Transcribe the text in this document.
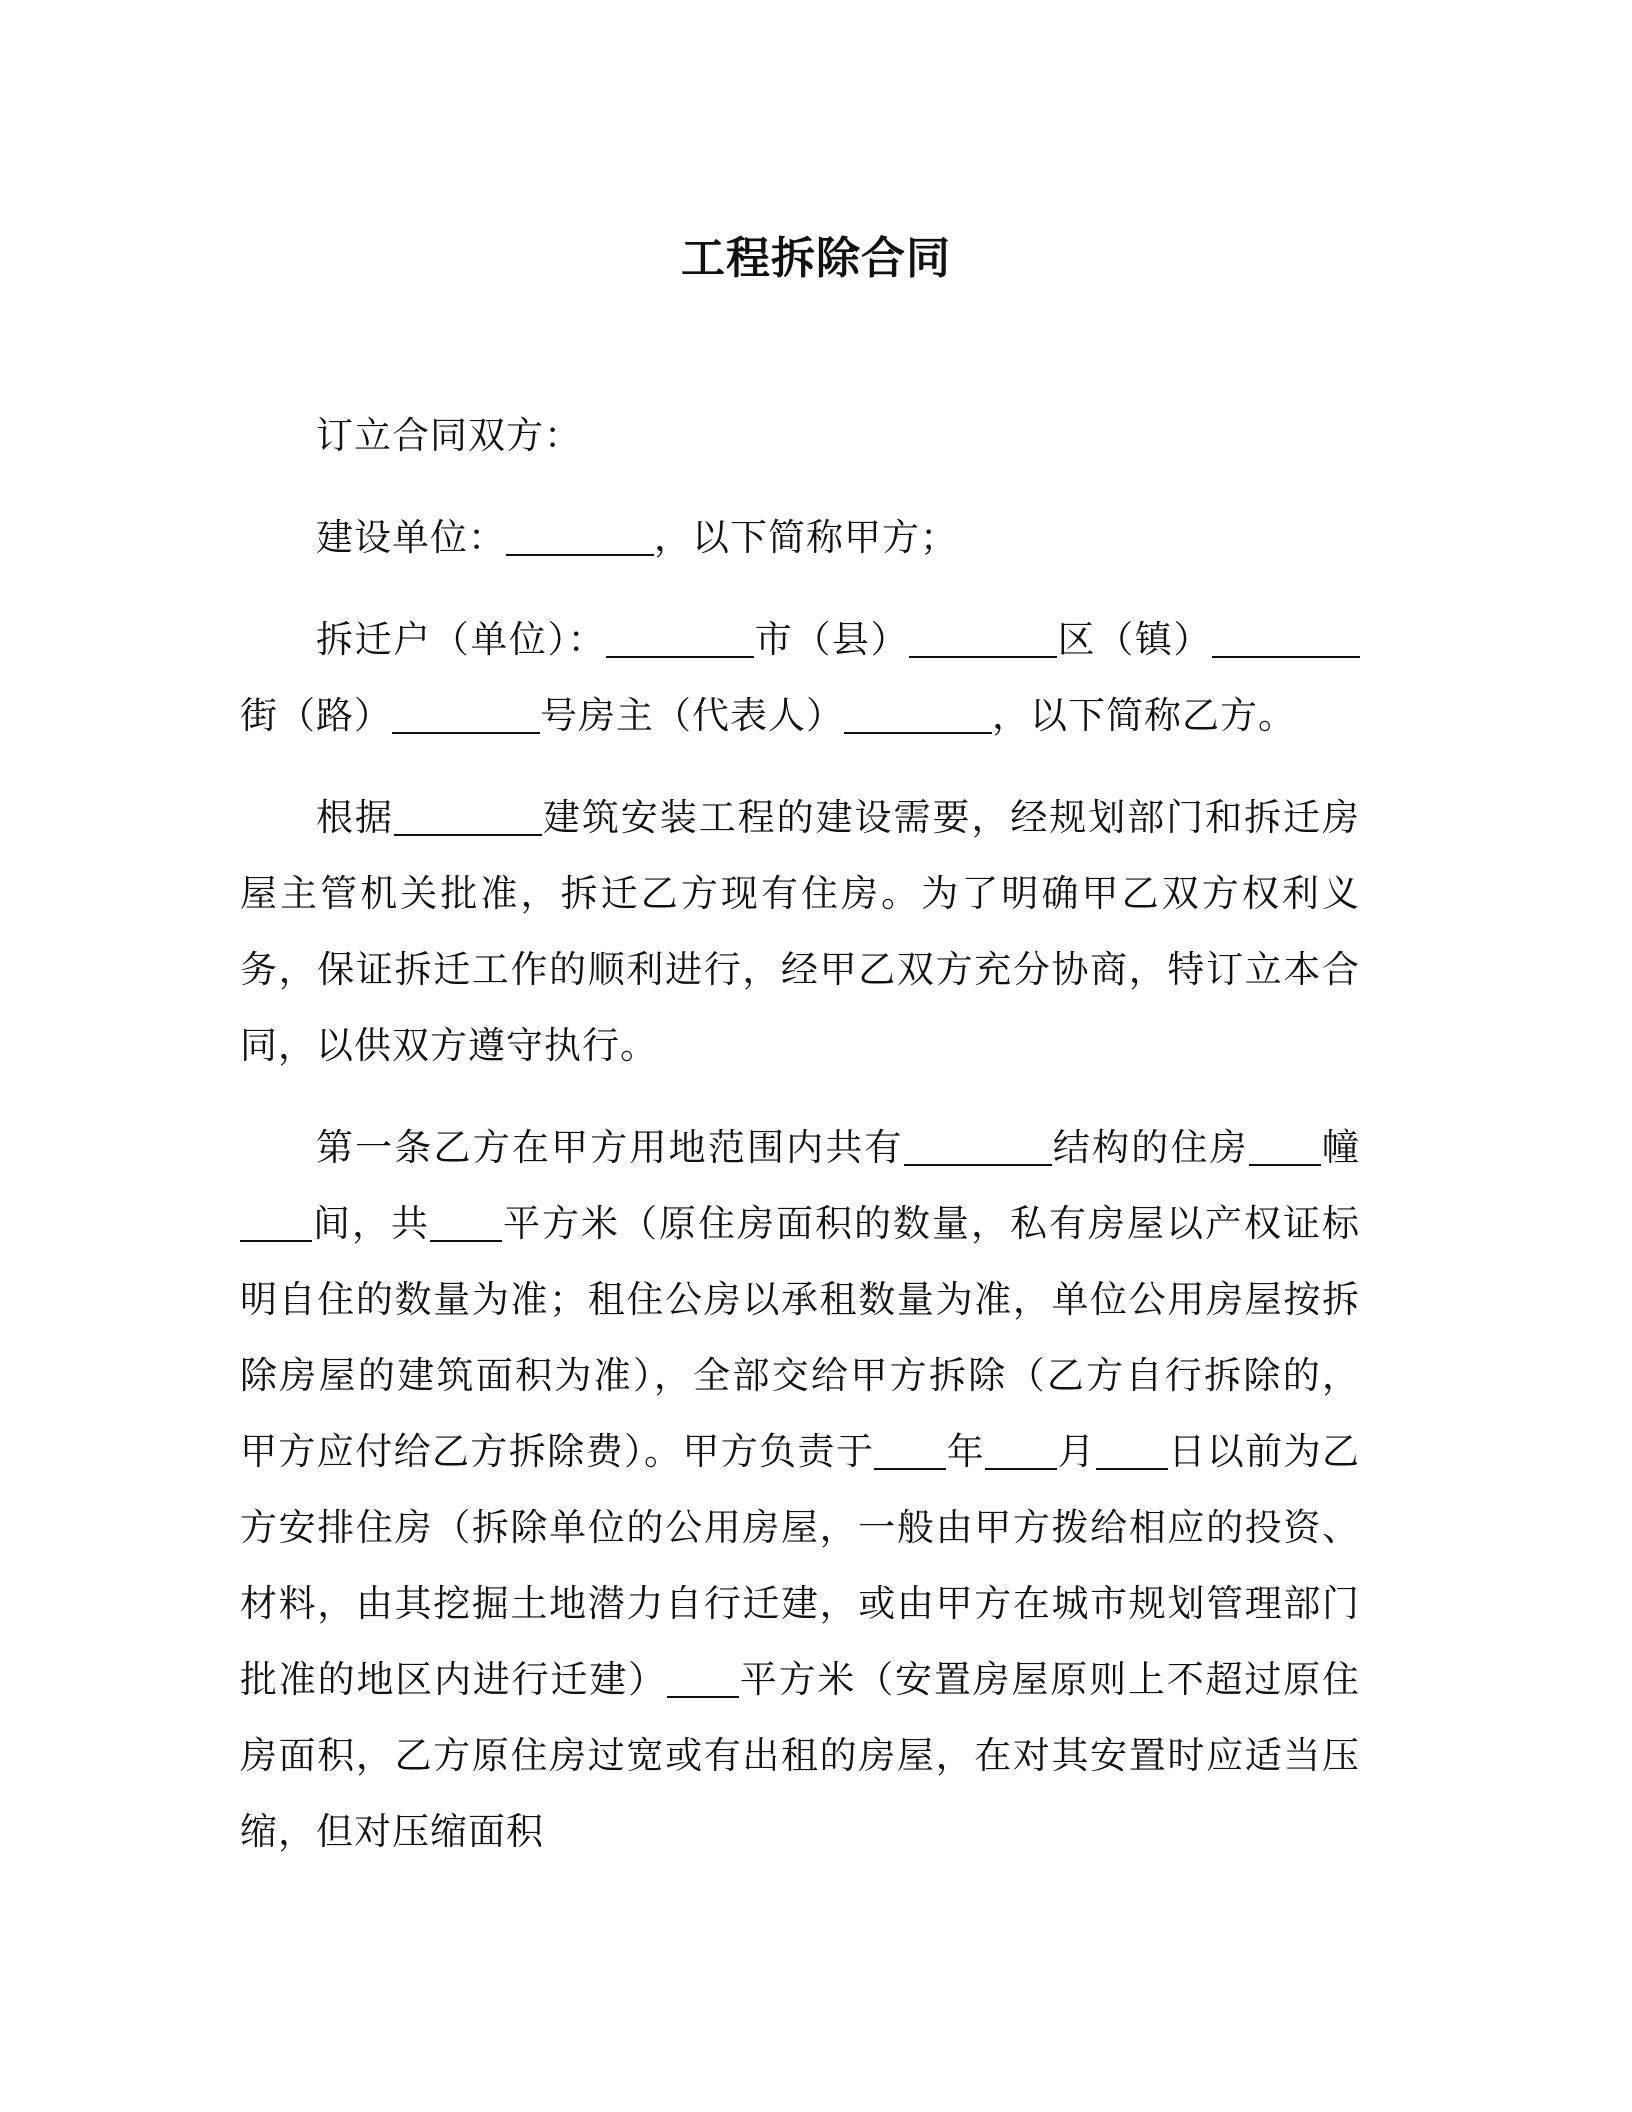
工程拆除合同

订立合同双方：

建设单位：	，以下简称甲方；

拆迁户（单位）：	市（县）	区（镇）街（路）	号房主（代表人）	，以下简称乙方。

根据	建筑安装工程的建设需要，经规划部门和拆迁房屋主管机关批准，拆迁乙方现有住房。为了明确甲乙双方权利义务，保证拆迁工作的顺利进行，经甲乙双方充分协商，特订立本合同，以供双方遵守执行。

第一条乙方在甲方用地范围内共有	结构的住房 幢间，共 平方米（原住房面积的数量，私有房屋以产权证标明自住的数量为准；租住公房以承租数量为准，单位公用房屋按拆除房屋的建筑面积为准），全部交给甲方拆除（乙方自行拆除的，甲方应付给乙方拆除费）。甲方负责于 年 月 日以前为乙方安排住房（拆除单位的公用房屋，一般由甲方拨给相应的投资、材料，由其挖掘土地潜力自行迁建，或由甲方在城市规划管理部门批准的地区内进行迁建） 平方米（安置房屋原则上不超过原住房面积，乙方原住房过宽或有出租的房屋，在对其安置时应适当压缩，但对压缩面积
